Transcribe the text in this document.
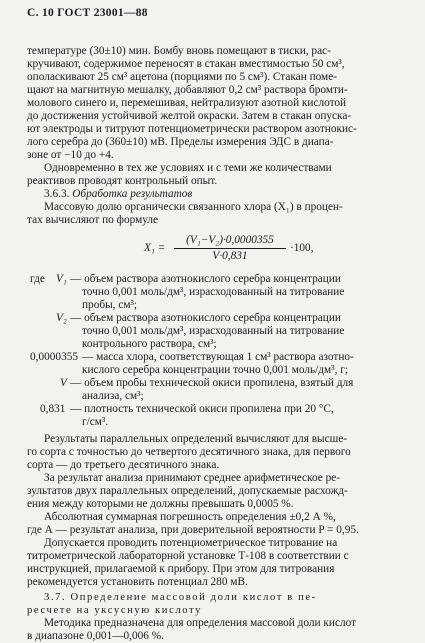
С. 10 ГОСТ 23001—88
температуре (30±10) мин. Бомбу вновь помещают в тиски, рас-
кручивают, содержимое переносят в стакан вместимостью 50 см³,
ополаскивают 25 см³ ацетона (порциями по 5 см³). Стакан поме-
щают на магнитную мешалку, добавляют 0,2 см³ раствора бромти-
молового синего и, перемешивая, нейтрализуют азотной кислотой
до достижения устойчивой желтой окраски. Затем в стакан опуска-
ют электроды и титруют потенциометрически раствором азотнокис-
лого серебра до (360±10) мВ. Пределы измерения ЭДС в диапа-
зоне от −10 до +4.
Одновременно в тех же условиях и с теми же количествами
реактивов проводят контрольный опыт.
3.6.3. Обработка результатов
Массовую долю органически связанного хлора (X₁) в процен-
тах вычисляют по формуле
X₁ =
(V₁−V₂)·0,0000355
V·0,831
·100,
где V₁ — объем раствора азотнокислого серебра концентрации
точно 0,001 моль/дм³, израсходованный на титрование
пробы, см³;
V₂ — объем раствора азотнокислого серебра концентрации
точно 0,001 моль/дм³, израсходованный на титрование
контрольного раствора, см³;
0,0000355 — масса хлора, соответствующая 1 см³ раствора азотно-
кислого серебра концентрации точно 0,001 моль/дм³, г;
V — объем пробы технической окиси пропилена, взятый для
анализа, см³;
0,831 — плотность технической окиси пропилена при 20 °С,
г/см³.
Результаты параллельных определений вычисляют для высше-
го сорта с точностью до четвертого десятичного знака, для первого
сорта — до третьего десятичного знака.
За результат анализа принимают среднее арифметическое ре-
зультатов двух параллельных определений, допускаемые расхожд-
ения между которыми не должны превышать 0,0005 %.
Абсолютная суммарная погрешность определения ±0,2 А %,
где А — результат анализа, при доверительной вероятности P = 0,95.
Допускается проводить потенциометрическое титрование на
титрометрической лабораторной установке Т-108 в соответствии с
инструкцией, прилагаемой к прибору. При этом для титрования
рекомендуется установить потенциал 280 мВ.
3.7. Определение массовой доли кислот в пе-
ресчете на уксусную кислоту
Методика предназначена для определения массовой доли кислот
в диапазоне 0,001—0,006 %.
